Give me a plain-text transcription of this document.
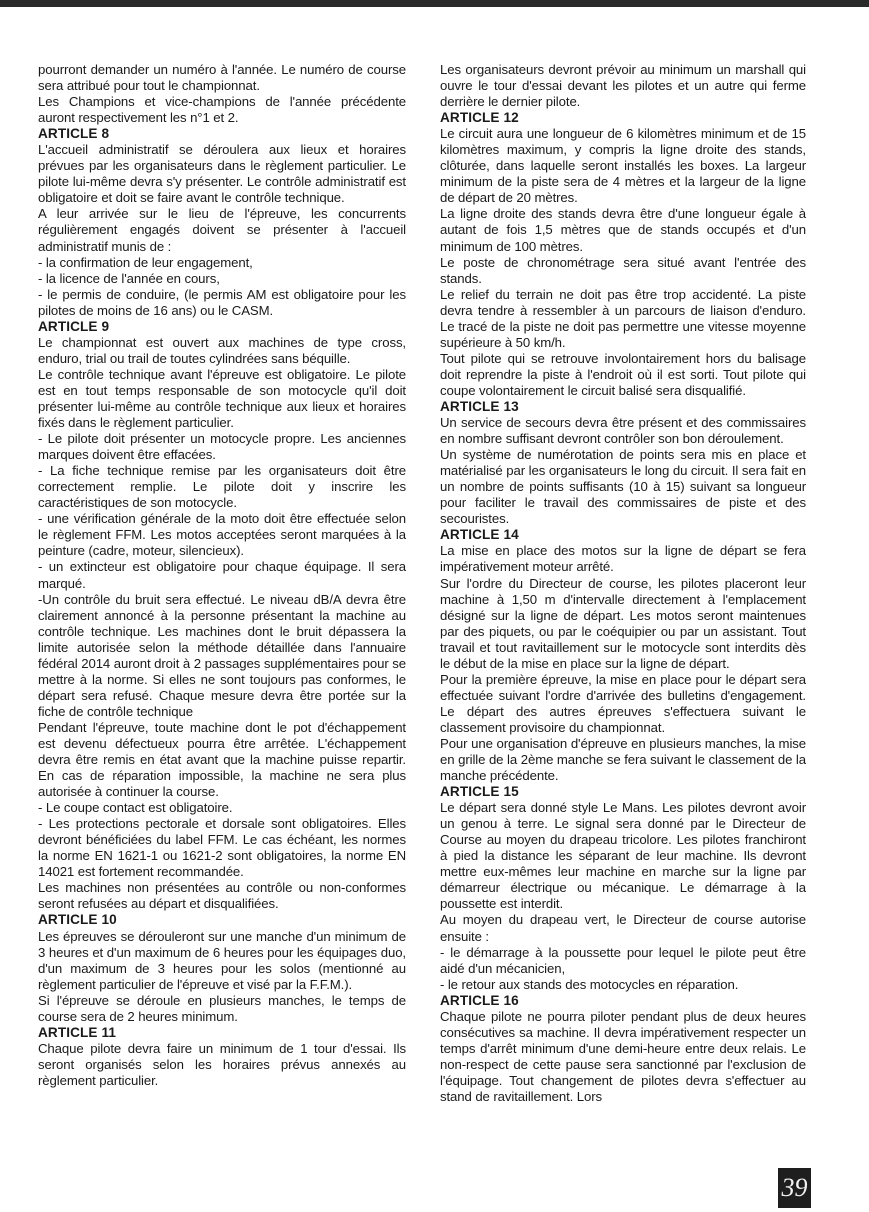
pourront demander un numéro à l'année. Le numéro de course sera attribué pour tout le championnat.

Les Champions et vice-champions de l'année précédente auront respectivement les n°1 et 2.

ARTICLE 8

L'accueil administratif se déroulera aux lieux et horaires prévues par les organisateurs dans le règlement particulier. Le pilote lui-même devra s'y présenter. Le contrôle administratif est obligatoire et doit se faire avant le contrôle technique.

A leur arrivée sur le lieu de l'épreuve, les concurrents régulièrement engagés doivent se présenter à l'accueil administratif munis de :

- la confirmation de leur engagement,

- la licence de l'année en cours,

- le permis de conduire, (le permis AM est obligatoire pour les pilotes de moins de 16 ans) ou le CASM.

ARTICLE 9

Le championnat est ouvert aux machines de type cross, enduro, trial ou trail de toutes cylindrées sans béquille.

Le contrôle technique avant l'épreuve est obligatoire. Le pilote est en tout temps responsable de son motocycle qu'il doit présenter lui-même au contrôle technique aux lieux et horaires fixés dans le règlement particulier.

- Le pilote doit présenter un motocycle propre. Les anciennes marques doivent être effacées.

- La fiche technique remise par les organisateurs doit être correctement remplie. Le pilote doit y inscrire les caractéristiques de son motocycle.

- une vérification générale de la moto doit être effectuée selon le règlement FFM. Les motos acceptées seront marquées à la peinture (cadre, moteur, silencieux).

- un extincteur est obligatoire pour chaque équipage. Il sera marqué.

-Un contrôle du bruit sera effectué. Le niveau dB/A devra être clairement annoncé à la personne présentant la machine au contrôle technique. Les machines dont le bruit dépassera la limite autorisée selon la méthode détaillée dans l'annuaire fédéral 2014 auront droit à 2 passages supplémentaires pour se mettre à la norme. Si elles ne sont toujours pas conformes, le départ sera refusé. Chaque mesure devra être portée sur la fiche de contrôle technique

Pendant l'épreuve, toute machine dont le pot d'échappement est devenu défectueux pourra être arrêtée. L'échappement devra être remis en état avant que la machine puisse repartir. En cas de réparation impossible, la machine ne sera plus autorisée à continuer la course.

- Le coupe contact est obligatoire.

- Les protections pectorale et dorsale sont obligatoires. Elles devront bénéficiées du label FFM. Le cas échéant, les normes la norme EN 1621-1 ou 1621-2 sont obligatoires, la norme EN 14021 est fortement recommandée.

Les machines non présentées au contrôle ou non-conformes seront refusées au départ et disqualifiées.

ARTICLE 10

Les épreuves se dérouleront sur une manche d'un minimum de 3 heures et d'un maximum de 6 heures pour les équipages duo, d'un maximum de 3 heures pour les solos (mentionné au règlement particulier de l'épreuve et visé par la F.F.M.).

Si l'épreuve se déroule en plusieurs manches, le temps de course sera de 2 heures minimum.

ARTICLE 11

Chaque pilote devra faire un minimum de 1 tour d'essai. Ils seront organisés selon les horaires prévus annexés au règlement particulier.

Les organisateurs devront prévoir au minimum un marshall qui ouvre le tour d'essai devant les pilotes et un autre qui ferme derrière le dernier pilote.

ARTICLE 12

Le circuit aura une longueur de 6 kilomètres minimum et de 15 kilomètres maximum, y compris la ligne droite des stands, clôturée, dans laquelle seront installés les boxes. La largeur minimum de la piste sera de 4 mètres et la largeur de la ligne de départ de 20 mètres.

La ligne droite des stands devra être d'une longueur égale à autant de fois 1,5 mètres que de stands occupés et d'un minimum de 100 mètres.

Le poste de chronométrage sera situé avant l'entrée des stands.

Le relief du terrain ne doit pas être trop accidenté. La piste devra tendre à ressembler à un parcours de liaison d'enduro. Le tracé de la piste ne doit pas permettre une vitesse moyenne supérieure à 50 km/h.

Tout pilote qui se retrouve involontairement hors du balisage doit reprendre la piste à l'endroit où il est sorti. Tout pilote qui coupe volontairement le circuit balisé sera disqualifié.

ARTICLE 13

Un service de secours devra être présent et des commissaires en nombre suffisant devront contrôler son bon déroulement.

Un système de numérotation de points sera mis en place et matérialisé par les organisateurs le long du circuit. Il sera fait en un nombre de points suffisants (10 à 15) suivant sa longueur pour faciliter le travail des commissaires de piste et des secouristes.

ARTICLE 14

La mise en place des motos sur la ligne de départ se fera impérativement moteur arrêté.

Sur l'ordre du Directeur de course, les pilotes placeront leur machine à 1,50 m d'intervalle directement à l'emplacement désigné sur la ligne de départ. Les motos seront maintenues par des piquets, ou par le coéquipier ou par un assistant. Tout travail et tout ravitaillement sur le motocycle sont interdits dès le début de la mise en place sur la ligne de départ.

Pour la première épreuve, la mise en place pour le départ sera effectuée suivant l'ordre d'arrivée des bulletins d'engagement. Le départ des autres épreuves s'effectuera suivant le classement provisoire du championnat.

Pour une organisation d'épreuve en plusieurs manches, la mise en grille de la 2ème manche se fera suivant le classement de la manche précédente.

ARTICLE 15

Le départ sera donné style Le Mans. Les pilotes devront avoir un genou à terre. Le signal sera donné par le Directeur de Course au moyen du drapeau tricolore. Les pilotes franchiront à pied la distance les séparant de leur machine. Ils devront mettre eux-mêmes leur machine en marche sur la ligne par démarreur électrique ou mécanique. Le démarrage à la poussette est interdit.

Au moyen du drapeau vert, le Directeur de course autorise ensuite :

- le démarrage à la poussette pour lequel le pilote peut être aidé d'un mécanicien,

- le retour aux stands des motocycles en réparation.

ARTICLE 16

Chaque pilote ne pourra piloter pendant plus de deux heures consécutives sa machine. Il devra impérativement respecter un temps d'arrêt minimum d'une demi-heure entre deux relais. Le non-respect de cette pause sera sanctionné par l'exclusion de l'équipage. Tout changement de pilotes devra s'effectuer au stand de ravitaillement. Lors

39
